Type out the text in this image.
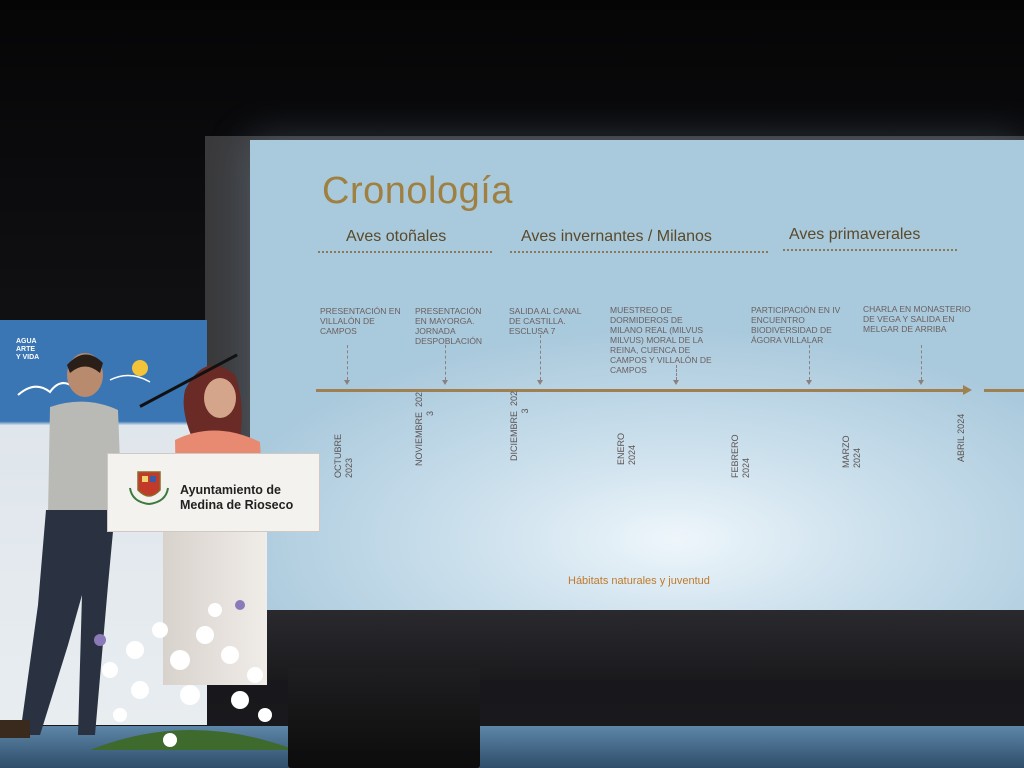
Cronología
Aves otoñales	Aves invernantes / Milanos	Aves primaverales
PRESENTACIÓN EN VILLALÓN DE CAMPOS
PRESENTACIÓN EN MAYORGA. JORNADA DESPOBLACIÓN
SALIDA AL CANAL DE CASTILLA. ESCLUSA 7
MUESTREO DE DORMIDEROS DE MILANO REAL (MILVUS MILVUS) MORAL DE LA REINA, CUENCA DE CAMPOS Y VILLALÓN DE CAMPOS
PARTICIPACIÓN EN IV ENCUENTRO BIODIVERSIDAD DE ÁGORA VILLALAR
CHARLA EN MONASTERIO DE VEGA Y SALIDA EN MELGAR DE ARRIBA
OCTUBRE
2023
NOVIEMBRE  202
3	DICIEMBRE  202
3
ENERO
2024	FEBRERO
2024	MARZO
2024	ABRIL 2024
Hábitats naturales y juventud
AGUA
ARTE
Y VIDA
Ayuntamiento de
Medina de Rioseco
